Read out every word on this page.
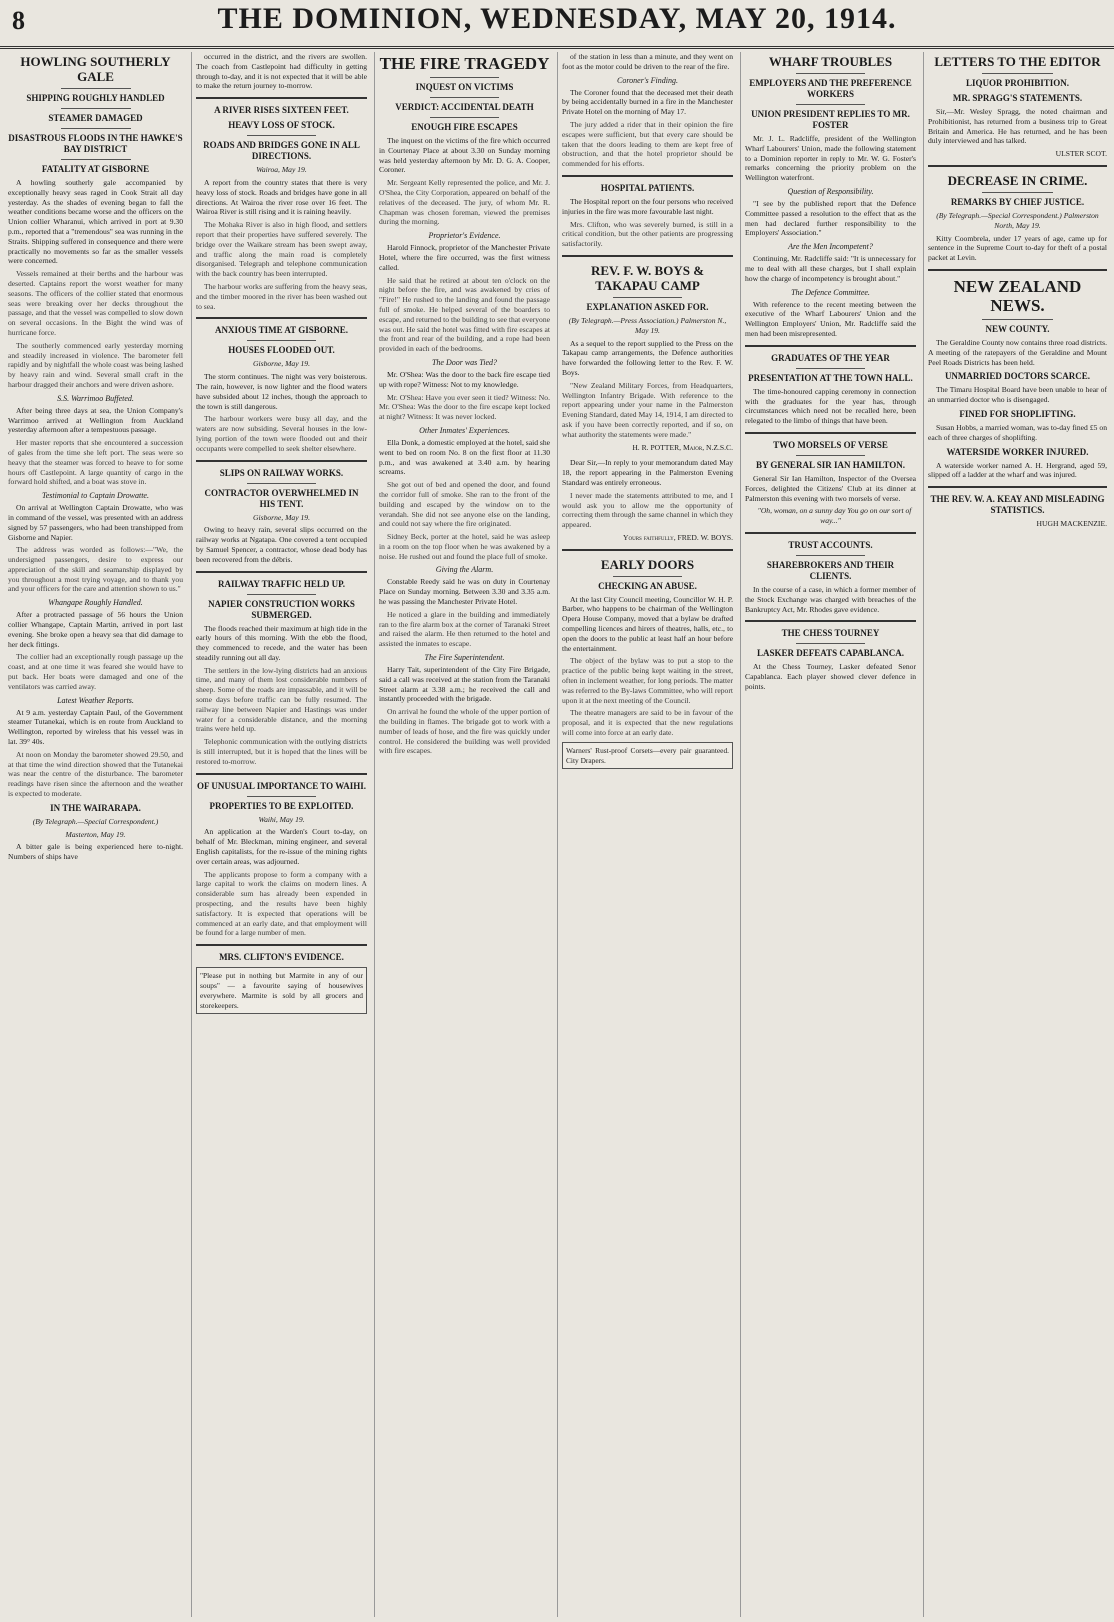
8	THE DOMINION, WEDNESDAY, MAY 20, 1914.
HOWLING SOUTHERLY GALE
SHIPPING ROUGHLY HANDLED
STEAMER DAMAGED
DISASTROUS FLOODS IN THE HAWKE'S BAY DISTRICT
FATALITY AT GISBORNE

A howling southerly gale accompanied by exceptionally heavy seas raged in Cook Strait all day yesterday. As the shades of evening began to fall the weather conditions became worse and the officers on the Union collier Wharanui, which arrived in port at 9.30 p.m., reported that a "tremendous" sea was running in the Straits. Shipping suffered in consequence and there were practically no movements so far as the smaller vessels were concerned.

Vessels remained at their berths and the harbour was deserted. Captains report the worst weather for many seasons. The officers of the collier stated that enormous seas were breaking over her decks throughout the passage, and that the vessel was compelled to slow down on several occasions. In the Bight the wind was of hurricane force.

The southerly commenced early yesterday morning and steadily increased in violence. The barometer fell rapidly and by nightfall the whole coast was being lashed by heavy rain and wind. Several small craft in the harbour dragged their anchors and were driven ashore.

S.S. Warrimoo Buffeted.

After being three days at sea, the Union Company's Warrimoo arrived at Wellington from Auckland yesterday afternoon after a tempestuous passage.

Her master reports that she encountered a succession of gales from the time she left port. The seas were so heavy that the steamer was forced to heave to for some hours off Castlepoint. A large quantity of cargo in the forward hold shifted, and a boat was stove in.

Testimonial to Captain Drowatte.

On arrival at Wellington Captain Drowatte, who was in command of the vessel, was presented with an address signed by 57 passengers, who had been transhipped from Gisborne and Napier.

The address was worded as follows:—"We, the undersigned passengers, desire to express our appreciation of the skill and seamanship displayed by you throughout a most trying voyage, and to thank you and your officers for the care and attention shown to us."

Whangape Roughly Handled.

After a protracted passage of 56 hours the Union collier Whangape, Captain Martin, arrived in port last evening. She broke open a heavy sea that did damage to her deck fittings.

The collier had an exceptionally rough passage up the coast, and at one time it was feared she would have to put back. Her boats were damaged and one of the ventilators was carried away.

Latest Weather Reports.

At 9 a.m. yesterday Captain Paul, of the Government steamer Tutanekai, which is en route from Auckland to Wellington, reported by wireless that his vessel was in lat. 39° 40s.

At noon on Monday the barometer showed 29.50, and at that time the wind direction showed that the Tutanekai was near the centre of the disturbance. The barometer readings have risen since the afternoon and the weather is expected to moderate.

IN THE WAIRARAPA.
(By Telegraph.—Special Correspondent.)
Masterton, May 19.

A bitter gale is being experienced here to-night. Numbers of ships have

occurred in the district, and the rivers are swollen. The coach from Castlepoint had difficulty in getting through to-day, and it is not expected that it will be able to make the return journey to-morrow.

A RIVER RISES SIXTEEN FEET.
HEAVY LOSS OF STOCK.
ROADS AND BRIDGES GONE IN ALL DIRECTIONS.
Wairoa, May 19.

A report from the country states that there is very heavy loss of stock. Roads and bridges have gone in all directions. At Wairoa the river rose over 16 feet. The Wairoa River is still rising and it is raining heavily.

The Mohaka River is also in high flood, and settlers report that their properties have suffered severely. The bridge over the Waikare stream has been swept away, and traffic along the main road is completely disorganised. Telegraph and telephone communication with the back country has been interrupted.

The harbour works are suffering from the heavy seas, and the timber moored in the river has been washed out to sea.

ANXIOUS TIME AT GISBORNE.
HOUSES FLOODED OUT.
Gisborne, May 19.

The storm continues. The night was very boisterous. The rain, however, is now lighter and the flood waters have subsided about 12 inches, though the approach to the town is still dangerous.

The harbour workers were busy all day, and the waters are now subsiding. Several houses in the low-lying portion of the town were flooded out and their occupants were compelled to seek shelter elsewhere.

SLIPS ON RAILWAY WORKS.
CONTRACTOR OVERWHELMED IN HIS TENT.
Gisborne, May 19.

Owing to heavy rain, several slips occurred on the railway works at Ngatapa. One covered a tent occupied by Samuel Spencer, a contractor, whose dead body has been recovered from the débris.

RAILWAY TRAFFIC HELD UP.
NAPIER CONSTRUCTION WORKS SUBMERGED.

The floods reached their maximum at high tide in the early hours of this morning. With the ebb the flood, they commenced to recede, and the water has been steadily running out all day.

The settlers in the low-lying districts had an anxious time, and many of them lost considerable numbers of sheep. Some of the roads are impassable, and it will be some days before traffic can be fully resumed. The railway line between Napier and Hastings was under water for a considerable distance, and the morning trains were held up.

Telephonic communication with the outlying districts is still interrupted, but it is hoped that the lines will be restored to-morrow.

OF UNUSUAL IMPORTANCE TO WAIHI.
PROPERTIES TO BE EXPLOITED.
Waihi, May 19.

An application at the Warden's Court to-day, on behalf of Mr. Bleckman, mining engineer, and several English capitalists, for the re-issue of the mining rights over certain areas, was adjourned.

The applicants propose to form a company with a large capital to work the claims on modern lines. A considerable sum has already been expended in prospecting, and the results have been highly satisfactory. It is expected that operations will be commenced at an early date, and that employment will be found for a large number of men.

MRS. CLIFTON'S EVIDENCE.
"Please put in nothing but Marmite in any of our soups" — a favourite saying of housewives everywhere. Marmite is sold by all grocers and storekeepers.
THE FIRE TRAGEDY
INQUEST ON VICTIMS
VERDICT: ACCIDENTAL DEATH
ENOUGH FIRE ESCAPES

The inquest on the victims of the fire which occurred in Courtenay Place at about 3.30 on Sunday morning was held yesterday afternoon by Mr. D. G. A. Cooper, Coroner.

Mr. Sergeant Kelly represented the police, and Mr. J. O'Shea, the City Corporation, appeared on behalf of the relatives of the deceased. The jury, of whom Mr. R. Chapman was chosen foreman, viewed the premises during the morning.

Proprietor's Evidence.

Harold Finnock, proprietor of the Manchester Private Hotel, where the fire occurred, was the first witness called.

He said that he retired at about ten o'clock on the night before the fire, and was awakened by cries of "Fire!" He rushed to the landing and found the passage full of smoke. He helped several of the boarders to escape, and returned to the building to see that everyone was out. He said the hotel was fitted with fire escapes at the front and rear of the building, and a rope had been provided in each of the bedrooms.

The Door was Tied?

Mr. O'Shea: Was the door to the back fire escape tied up with rope? Witness: Not to my knowledge.

Mr. O'Shea: Have you ever seen it tied? Witness: No. Mr. O'Shea: Was the door to the fire escape kept locked at night? Witness: It was never locked.

Other Inmates' Experiences.

Ella Donk, a domestic employed at the hotel, said she went to bed on room No. 8 on the first floor at 11.30 p.m., and was awakened at 3.40 a.m. by hearing screams.

She got out of bed and opened the door, and found the corridor full of smoke. She ran to the front of the building and escaped by the window on to the verandah. She did not see anyone else on the landing, and could not say where the fire originated.

Sidney Beck, porter at the hotel, said he was asleep in a room on the top floor when he was awakened by a noise. He rushed out and found the place full of smoke.

Giving the Alarm.

Constable Reedy said he was on duty in Courtenay Place on Sunday morning. Between 3.30 and 3.35 a.m. he was passing the Manchester Private Hotel.

He noticed a glare in the building and immediately ran to the fire alarm box at the corner of Taranaki Street and raised the alarm. He then returned to the hotel and assisted the inmates to escape.

The Fire Superintendent.

Harry Tait, superintendent of the City Fire Brigade, said a call was received at the station from the Taranaki Street alarm at 3.38 a.m.; he received the call and instantly proceeded with the brigade.

On arrival he found the whole of the upper portion of the building in flames. The brigade got to work with a number of leads of hose, and the fire was quickly under control. He considered the building was well provided with fire escapes.

of the station in less than a minute, and they went on foot as the motor could be driven to the rear of the fire.

Coroner's Finding.

The Coroner found that the deceased met their death by being accidentally burned in a fire in the Manchester Private Hotel on the morning of May 17.

The jury added a rider that in their opinion the fire escapes were sufficient, but that every care should be taken that the doors leading to them are kept free of obstruction, and that the hotel proprietor should be commended for his efforts.

HOSPITAL PATIENTS.

The Hospital report on the four persons who received injuries in the fire was more favourable last night.

Mrs. Clifton, who was severely burned, is still in a critical condition, but the other patients are progressing satisfactorily.

REV. F. W. BOYS & TAKAPAU CAMP
EXPLANATION ASKED FOR.
(By Telegraph.—Press Association.) Palmerston N., May 19.

As a sequel to the report supplied to the Press on the Takapau camp arrangements, the Defence authorities have forwarded the following letter to the Rev. F. W. Boys.

"New Zealand Military Forces, from Headquarters, Wellington Infantry Brigade. With reference to the report appearing under your name in the Palmerston Evening Standard, dated May 14, 1914, I am directed to ask if you have been correctly reported, and if so, on what authority the statements were made."

H. R. POTTER, Major, N.Z.S.C.

Dear Sir,—In reply to your memorandum dated May 18, the report appearing in the Palmerston Evening Standard was entirely erroneous.

I never made the statements attributed to me, and I would ask you to allow me the opportunity of correcting them through the same channel in which they appeared.

Yours faithfully, FRED. W. BOYS.
EARLY DOORS
CHECKING AN ABUSE.

At the last City Council meeting, Councillor W. H. P. Barber, who happens to be chairman of the Wellington Opera House Company, moved that a bylaw be drafted compelling licences and hirers of theatres, halls, etc., to open the doors to the public at least half an hour before the entertainment.

The object of the bylaw was to put a stop to the practice of the public being kept waiting in the street, often in inclement weather, for long periods. The matter was referred to the By-laws Committee, who will report upon it at the next meeting of the Council.

The theatre managers are said to be in favour of the proposal, and it is expected that the new regulations will come into force at an early date.

Warners' Rust-proof Corsets—every pair guaranteed. City Drapers.
WHARF TROUBLES
EMPLOYERS AND THE PREFERENCE WORKERS
UNION PRESIDENT REPLIES TO MR. FOSTER

Mr. J. L. Radcliffe, president of the Wellington Wharf Labourers' Union, made the following statement to a Dominion reporter in reply to Mr. W. G. Foster's remarks concerning the priority problem on the Wellington waterfront.

Question of Responsibility.

"I see by the published report that the Defence Committee passed a resolution to the effect that as the men had declared further responsibility to the Employers' Association."

Are the Men Incompetent?

Continuing, Mr. Radcliffe said: "It is unnecessary for me to deal with all these charges, but I shall explain how the charge of incompetency is brought about."

The Defence Committee.

With reference to the recent meeting between the executive of the Wharf Labourers' Union and the Wellington Employers' Union, Mr. Radcliffe said the men had been misrepresented.

GRADUATES OF THE YEAR
PRESENTATION AT THE TOWN HALL.

The time-honoured capping ceremony in connection with the graduates for the year has, through circumstances which need not be recalled here, been relegated to the limbo of things that have been.

TWO MORSELS OF VERSE
BY GENERAL SIR IAN HAMILTON.

General Sir Ian Hamilton, Inspector of the Oversea Forces, delighted the Citizens' Club at its dinner at Palmerston this evening with two morsels of verse.

"Oh, woman, on a sunny day You go on our sort of way..."

TRUST ACCOUNTS.
SHAREBROKERS AND THEIR CLIENTS.

In the course of a case, in which a former member of the Stock Exchange was charged with breaches of the Bankruptcy Act, Mr. Rhodes gave evidence.

THE CHESS TOURNEY
LASKER DEFEATS CAPABLANCA.

At the Chess Tourney, Lasker defeated Senor Capablanca. Each player showed clever defence in points.

LETTERS TO THE EDITOR
LIQUOR PROHIBITION.
MR. SPRAGG'S STATEMENTS.

Sir,—Mr. Wesley Spragg, the noted chairman and Prohibitionist, has returned from a business trip to Great Britain and America. He has returned, and he has been duly interviewed and has talked.

ULSTER SCOT.
DECREASE IN CRIME.
REMARKS BY CHIEF JUSTICE.
(By Telegraph.—Special Correspondent.) Palmerston North, May 19.

Kitty Coombrela, under 17 years of age, came up for sentence in the Supreme Court to-day for theft of a postal packet at Levin.

NEW ZEALAND NEWS.
NEW COUNTY.

The Geraldine County now contains three road districts. A meeting of the ratepayers of the Geraldine and Mount Peel Roads Districts has been held.

UNMARRIED DOCTORS SCARCE.

The Timaru Hospital Board have been unable to hear of an unmarried doctor who is disengaged.

FINED FOR SHOPLIFTING.

Susan Hobbs, a married woman, was to-day fined £5 on each of three charges of shoplifting.

WATERSIDE WORKER INJURED.

A waterside worker named A. H. Hergrand, aged 59, slipped off a ladder at the wharf and was injured.

THE REV. W. A. KEAY AND MISLEADING STATISTICS.
HUGH MACKENZIE.
